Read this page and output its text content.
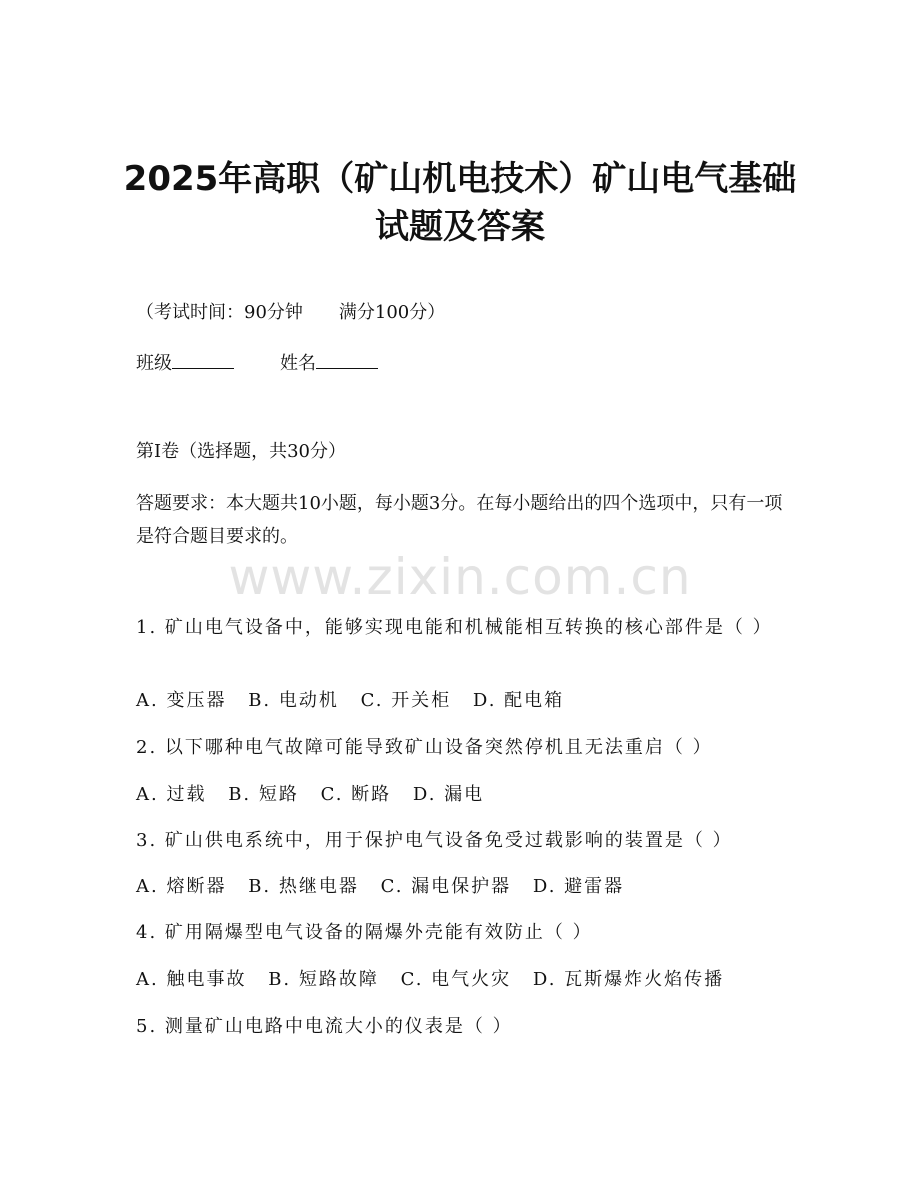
2025年高职（矿山机电技术）矿山电气基础
试题及答案
（考试时间：90分钟　　满分100分）
班级	姓名
第I卷（选择题，共30分）
答题要求：本大题共10小题，每小题3分。在每小题给出的四个选项中，只有一项是符合题目要求的。
www.zixin.com.cn
1. 矿山电气设备中，能够实现电能和机械能相互转换的核心部件是（ ）
A. 变压器 B. 电动机 C. 开关柜 D. 配电箱
2. 以下哪种电气故障可能导致矿山设备突然停机且无法重启（ ）
A. 过载 B. 短路 C. 断路 D. 漏电
3. 矿山供电系统中，用于保护电气设备免受过载影响的装置是（ ）
A. 熔断器 B. 热继电器 C. 漏电保护器 D. 避雷器
4. 矿用隔爆型电气设备的隔爆外壳能有效防止（ ）
A. 触电事故 B. 短路故障 C. 电气火灾 D. 瓦斯爆炸火焰传播
5. 测量矿山电路中电流大小的仪表是（ ）
